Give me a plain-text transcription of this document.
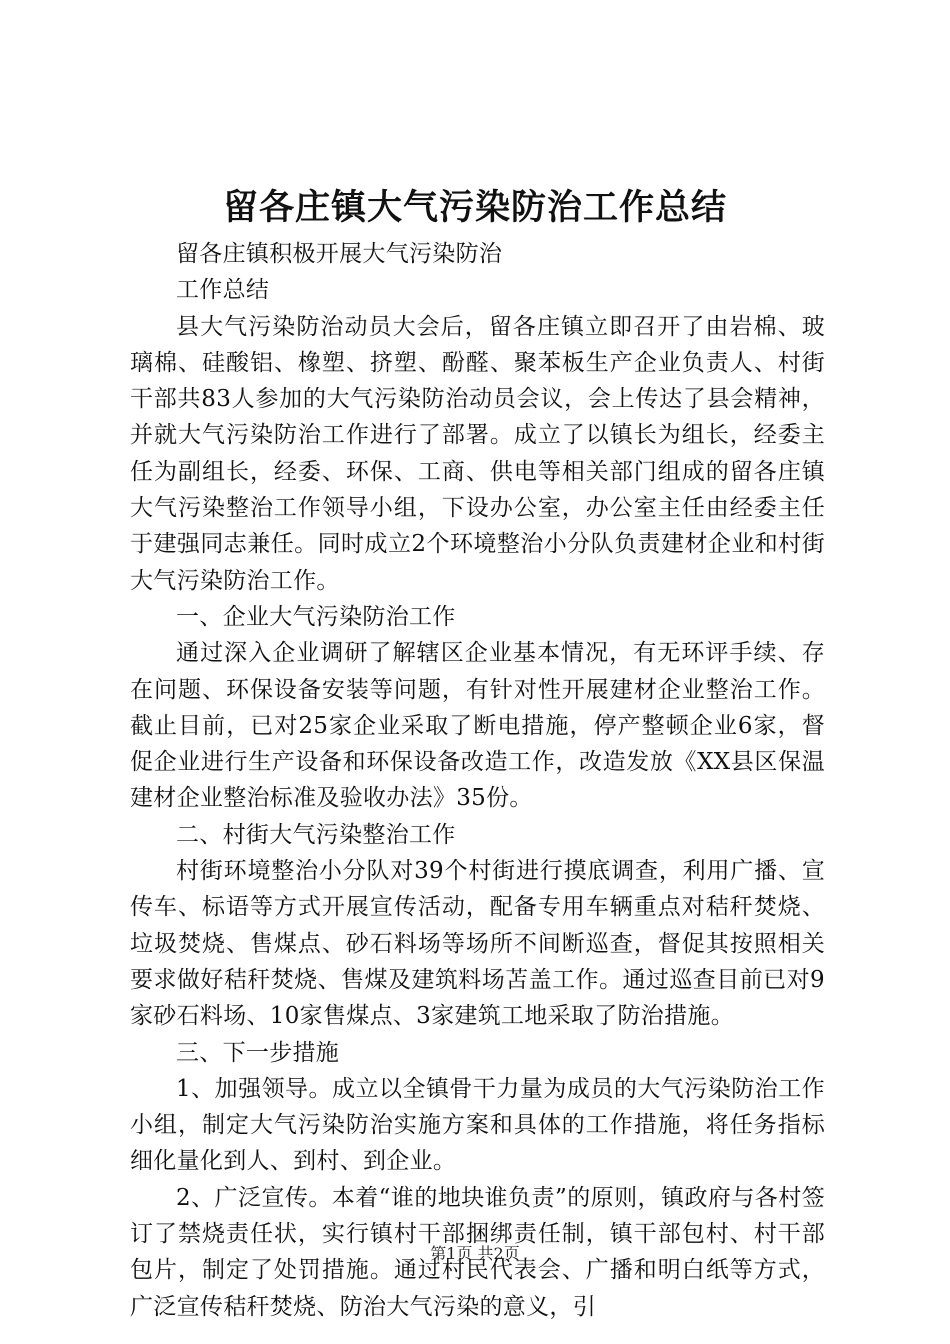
留各庄镇大气污染防治工作总结

留各庄镇积极开展大气污染防治

工作总结

县大气污染防治动员大会后，留各庄镇立即召开了由岩棉、玻璃棉、硅酸铝、橡塑、挤塑、酚醛、聚苯板生产企业负责人、村街干部共83人参加的大气污染防治动员会议，会上传达了县会精神，并就大气污染防治工作进行了部署。成立了以镇长为组长，经委主任为副组长，经委、环保、工商、供电等相关部门组成的留各庄镇大气污染整治工作领导小组，下设办公室，办公室主任由经委主任于建强同志兼任。同时成立2个环境整治小分队负责建材企业和村街大气污染防治工作。

一、企业大气污染防治工作

通过深入企业调研了解辖区企业基本情况，有无环评手续、存在问题、环保设备安装等问题，有针对性开展建材企业整治工作。截止目前，已对25家企业采取了断电措施，停产整顿企业6家，督促企业进行生产设备和环保设备改造工作，改造发放《XX县区保温建材企业整治标准及验收办法》35份。

二、村街大气污染整治工作

村街环境整治小分队对39个村街进行摸底调查，利用广播、宣传车、标语等方式开展宣传活动，配备专用车辆重点对秸秆焚烧、垃圾焚烧、售煤点、砂石料场等场所不间断巡查，督促其按照相关要求做好秸秆焚烧、售煤及建筑料场苫盖工作。通过巡查目前已对9家砂石料场、10家售煤点、3家建筑工地采取了防治措施。

三、下一步措施

1、加强领导。成立以全镇骨干力量为成员的大气污染防治工作小组，制定大气污染防治实施方案和具体的工作措施，将任务指标细化量化到人、到村、到企业。

2、广泛宣传。本着“谁的地块谁负责”的原则，镇政府与各村签订了禁烧责任状，实行镇村干部捆绑责任制，镇干部包村、村干部包片，制定了处罚措施。通过村民代表会、广播和明白纸等方式，广泛宣传秸秆焚烧、防治大气污染的意义，引

第1页 共2页
